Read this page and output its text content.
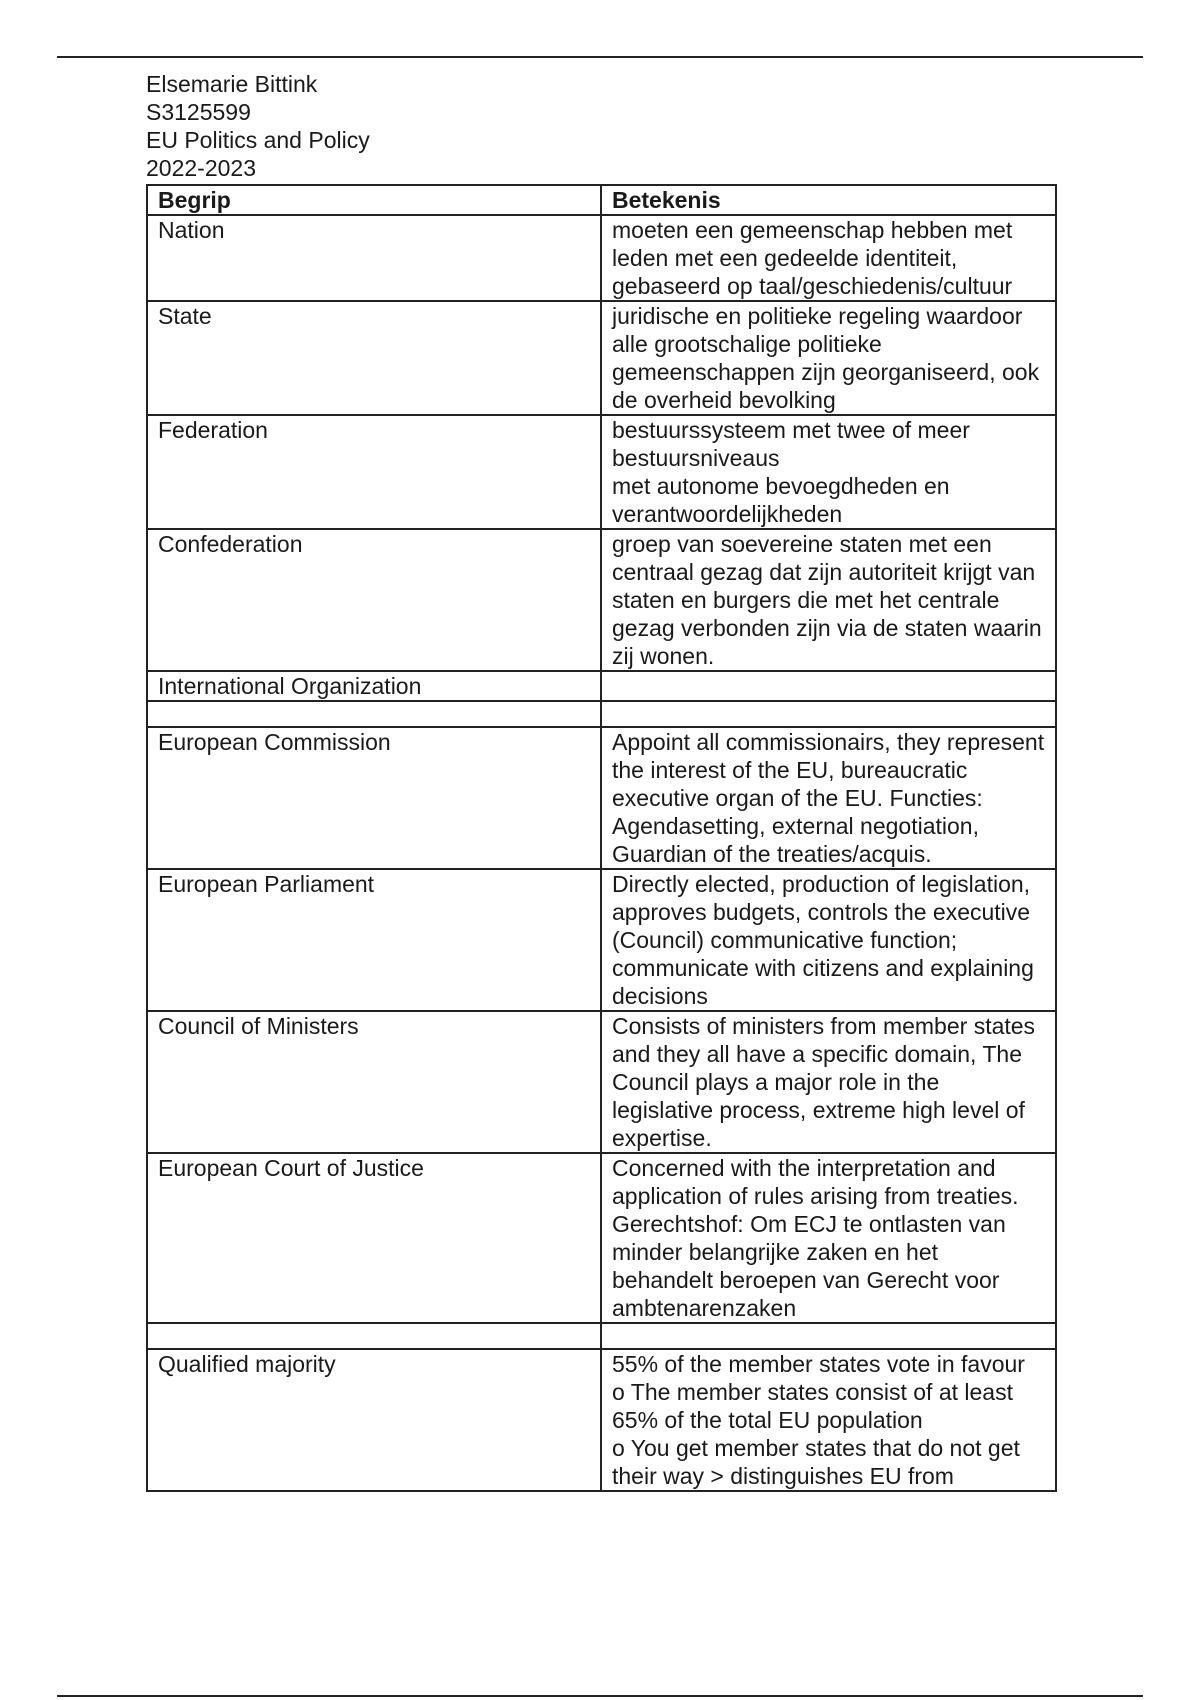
Elsemarie Bittink
S3125599
EU Politics and Policy
2022-2023
Begrip	Betekenis
Nation	moeten een gemeenschap hebben met leden met een gedeelde identiteit, gebaseerd op taal/geschiedenis/cultuur
State	juridische en politieke regeling waardoor alle grootschalige politieke gemeenschappen zijn georganiseerd, ook de overheid bevolking
Federation	bestuurssysteem met twee of meer bestuursniveaus
met autonome bevoegdheden en verantwoordelijkheden
Confederation	groep van soevereine staten met een centraal gezag dat zijn autoriteit krijgt van staten en burgers die met het centrale gezag verbonden zijn via de staten waarin zij wonen.
International Organization	

European Commission	Appoint all commissionairs, they represent the interest of the EU, bureaucratic executive organ of the EU. Functies: Agendasetting, external negotiation, Guardian of the treaties/acquis.
European Parliament	Directly elected, production of legislation, approves budgets, controls the executive (Council) communicative function; communicate with citizens and explaining decisions
Council of Ministers	Consists of ministers from member states and they all have a specific domain, The Council plays a major role in the legislative process, extreme high level of expertise.
European Court of Justice	Concerned with the interpretation and application of rules arising from treaties. Gerechtshof: Om ECJ te ontlasten van minder belangrijke zaken en het behandelt beroepen van Gerecht voor ambtenarenzaken

Qualified majority	55% of the member states vote in favour
o The member states consist of at least 65% of the total EU population
o You get member states that do not get their way > distinguishes EU from
